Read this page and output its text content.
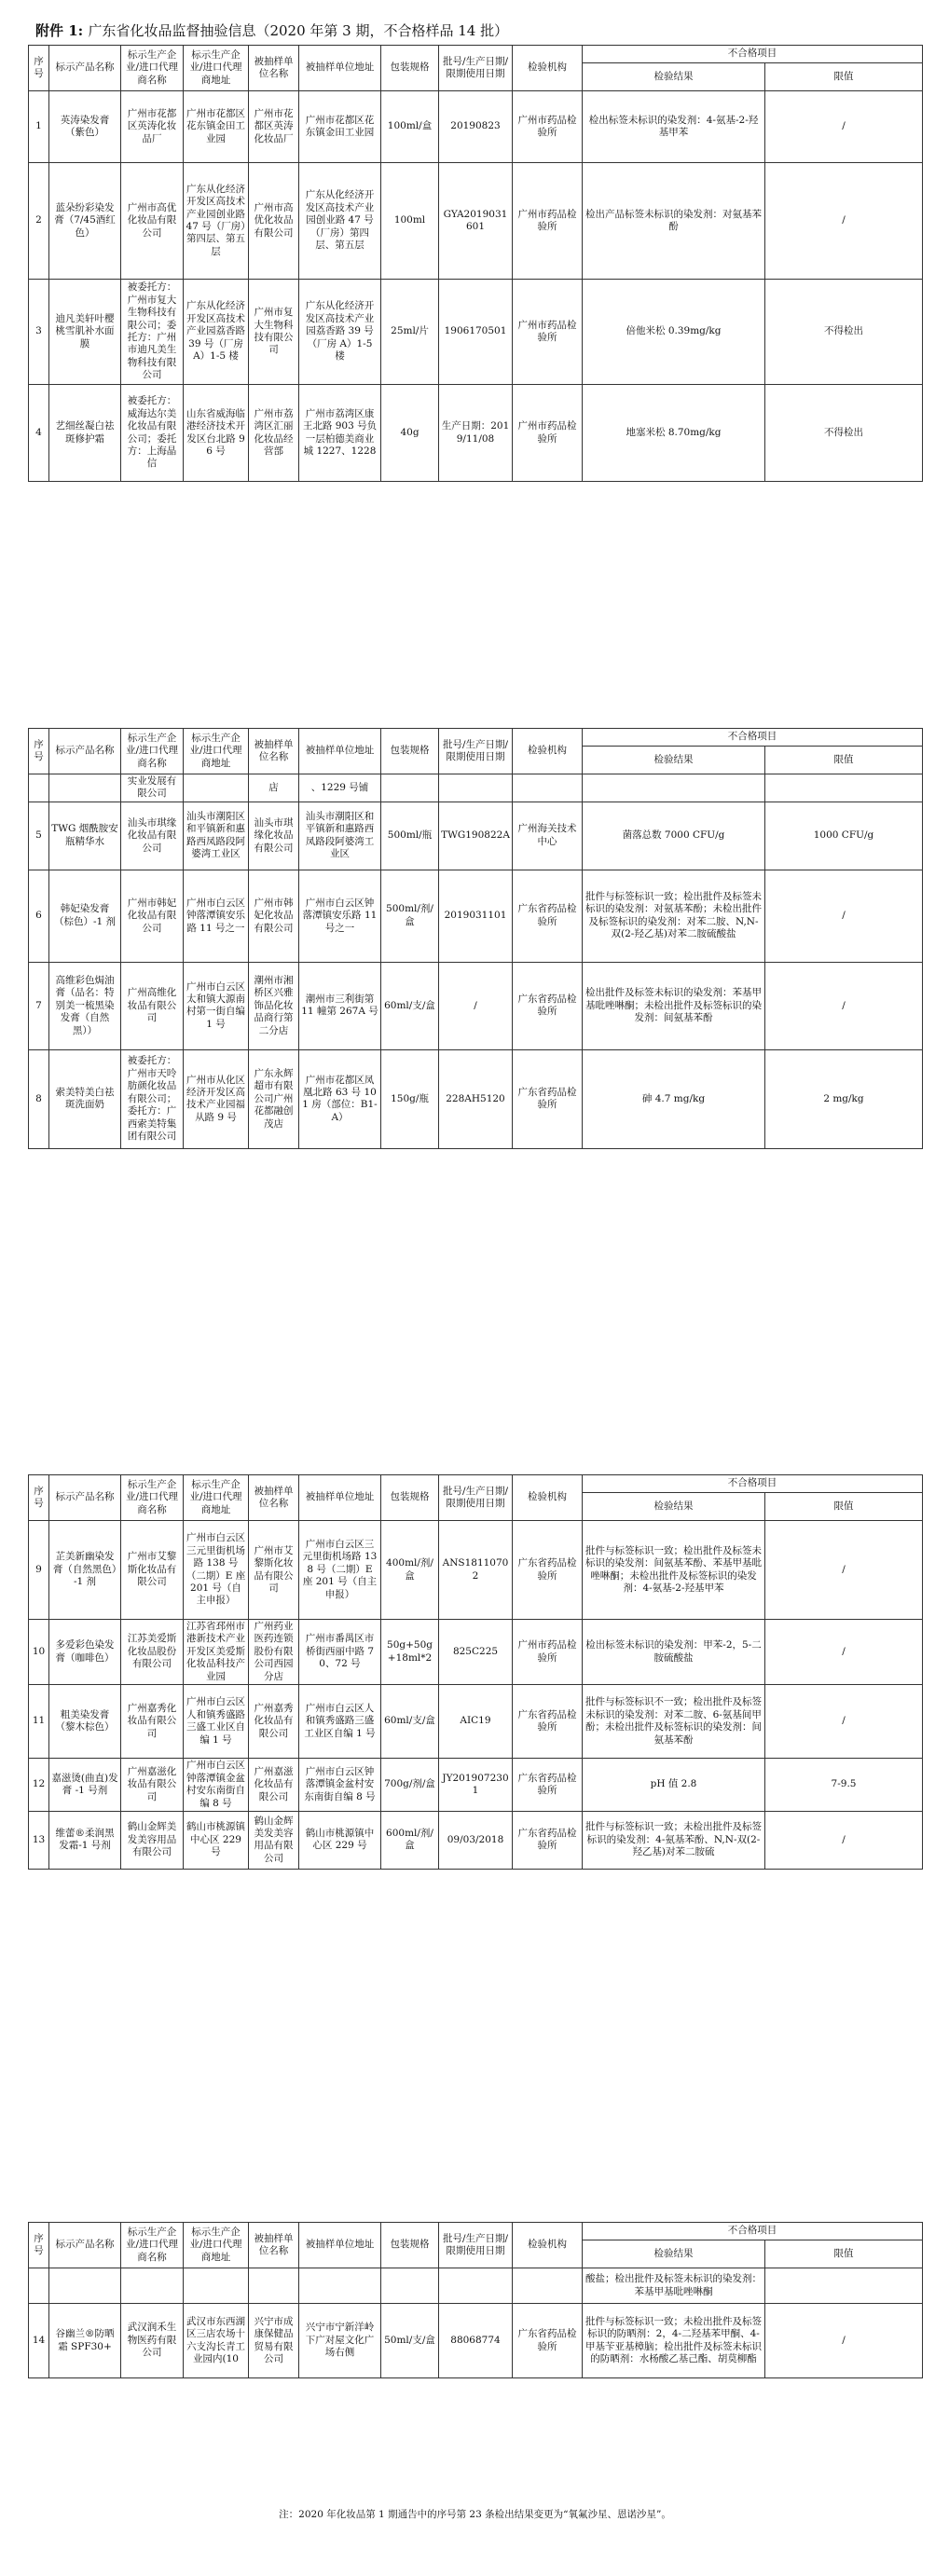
附件 1: 广东省化妆品监督抽验信息（2020 年第 3 期，不合格样品 14 批）
序号	标示产品名称	标示生产企业/进口代理商名称	标示生产企业/进口代理商地址	被抽样单位名称	被抽样单位地址	包装规格	批号/生产日期/限期使用日期	检验机构	不合格项目	
									检验结果	限值
1	英涛染发膏（紫色）	广州市花都区英涛化妆品厂	广州市花都区花东镇金田工业园	广州市花都区英涛化妆品厂	广州市花都区花东镇金田工业园	100ml/盒	20190823	广州市药品检验所	检出标签未标识的染发剂：4-氨基-2-羟基甲苯	/
2	蓝朵纷彩染发膏（7/45酒红色）	广州市高优化妆品有限公司	广东从化经济开发区高技术产业园创业路 47 号（厂房）第四层、第五层	广州市高优化妆品有限公司	广东从化经济开发区高技术产业园创业路 47 号（厂房）第四层、第五层	100ml	GYA2019031601	广州市药品检验所	检出产品标签未标识的染发剂：对氨基苯酚	/
3	迪凡美轩叶樱桃雪肌补水面膜	被委托方：广州市复大生物科技有限公司；委托方：广州市迪凡美生物科技有限公司	广东从化经济开发区高技术产业园荔香路 39 号（厂房 A）1-5 楼	广州市复大生物科技有限公司	广东从化经济开发区高技术产业园荔香路 39 号（厂房 A）1-5 楼	25ml/片	1906170501	广州市药品检验所	倍他米松 0.39mg/kg	不得检出
4	艺细丝凝白祛斑修护霜	被委托方：威海达尔美化妆品有限公司；委托方：上海晶信	山东省威海临港经济技术开发区台北路 96 号	广州市荔湾区汇丽化妆品经营部	广州市荔湾区康王北路 903 号负一层柏德美商业城 1227、1228	40g	生产日期：2019/11/08	广州市药品检验所	地塞米松 8.70mg/kg	不得检出
序号	标示产品名称	标示生产企业/进口代理商名称	标示生产企业/进口代理商地址	被抽样单位名称	被抽样单位地址	包装规格	批号/生产日期/限期使用日期	检验机构	不合格项目	
									检验结果	限值
		实业发展有限公司		店	、1229 号铺					
5	TWG 烟酰胺安瓶精华水	汕头市琪缘化妆品有限公司	汕头市潮阳区和平镇新和惠路西凤路段阿婆湾工业区	汕头市琪缘化妆品有限公司	汕头市潮阳区和平镇新和惠路西凤路段阿婆湾工业区	500ml/瓶	TWG190822A	广州海关技术中心	菌落总数 7000 CFU/g	1000 CFU/g
6	韩妃染发膏（棕色）-1 剂	广州市韩妃化妆品有限公司	广州市白云区钟落潭镇安乐路 11 号之一	广州市韩妃化妆品有限公司	广州市白云区钟落潭镇安乐路 11 号之一	500ml/剂/盒	2019031101	广东省药品检验所	批件与标签标识一致；检出批件及标签未标识的染发剂：对氨基苯酚；未检出批件及标签标识的染发剂：对苯二胺、N,N-双(2-羟乙基)对苯二胺硫酸盐	/
7	高维彩色焗油膏（品名：特别美一梳黑染发膏（自然黑））	广州高维化妆品有限公司	广州市白云区太和镇大源南村第一街自编 1 号	潮州市湘桥区兴雅饰品化妆品商行第二分店	潮州市三利街第 11 幢第 267A 号	60ml/支/盒	/	广东省药品检验所	检出批件及标签未标识的染发剂：苯基甲基吡唑啉酮；未检出批件及标签标识的染发剂：间氨基苯酚	/
8	索美特美白祛斑洗面奶	被委托方：广州市天呤肪颜化妆品有限公司；委托方：广西索美特集团有限公司	广州市从化区经济开发区高技术产业园福从路 9 号	广东永辉超市有限公司广州花都融创茂店	广州市花都区凤凰北路 63 号 101 房（部位：B1-A）	150g/瓶	228AH5120	广东省药品检验所	砷 4.7 mg/kg	2 mg/kg
序号	标示产品名称	标示生产企业/进口代理商名称	标示生产企业/进口代理商地址	被抽样单位名称	被抽样单位地址	包装规格	批号/生产日期/限期使用日期	检验机构	不合格项目	
									检验结果	限值
9	芷美新幽染发膏（自然黑色）-1 剂	广州市艾黎斯化妆品有限公司	广州市白云区三元里街机场路 138 号（二期）E 座 201 号（自主申报）	广州市艾黎斯化妆品有限公司	广州市白云区三元里街机场路 138 号（二期）E 座 201 号（自主申报）	400ml/剂/盒	ANS18110702	广东省药品检验所	批件与标签标识一致；检出批件及标签未标识的染发剂：间氨基苯酚、苯基甲基吡唑啉酮；未检出批件及标签标识的染发剂：4-氨基-2-羟基甲苯	/
10	多爱彩色染发膏（咖啡色）	江苏美爱斯化妆品股份有限公司	江苏省邳州市港新技术产业开发区美爱斯化妆品科技产业园	广州药业医药连锁股份有限公司西园分店	广州市番禺区市桥街西丽中路 70、72 号	50g+50g+18ml*2	825C225	广州市药品检验所	检出标签未标识的染发剂：甲苯-2，5-二胺硫酸盐	/
11	粗美染发膏（黎木棕色）	广州嘉秀化妆品有限公司	广州市白云区人和镇秀盛路三盛工业区自编 1 号	广州嘉秀化妆品有限公司	广州市白云区人和镇秀盛路三盛工业区自编 1 号	60ml/支/盒	AIC19	广东省药品检验所	批件与标签标识不一致；检出批件及标签未标识的染发剂：对苯二胺、6-氨基间甲酚；未检出批件及标签标识的染发剂：间氨基苯酚	/
12	嘉滋烫(曲直)发膏 -1 号剂	广州嘉滋化妆品有限公司	广州市白云区钟落潭镇金盆村安东南街自编 8 号	广州嘉滋化妆品有限公司	广州市白云区钟落潭镇金盆村安东南街自编 8 号	700g/剂/盒	JY2019072301	广东省药品检验所	pH 值 2.8	7-9.5
13	维蕾®柔润黑发霜-1 号剂	鹤山金辉美发美容用品有限公司	鹤山市桃源镇中心区 229 号	鹤山金辉美发美容用品有限公司	鹤山市桃源镇中心区 229 号	600ml/剂/盒	09/03/2018	广东省药品检验所	批件与标签标识一致；未检出批件及标签标识的染发剂：4-氨基苯酚、N,N-双(2-羟乙基)对苯二胺硫	/
序号	标示产品名称	标示生产企业/进口代理商名称	标示生产企业/进口代理商地址	被抽样单位名称	被抽样单位地址	包装规格	批号/生产日期/限期使用日期	检验机构	不合格项目	
									检验结果	限值
									酸盐；检出批件及标签未标识的染发剂：苯基甲基吡唑啉酮	
14	谷幽兰®防晒霜 SPF30+	武汉润禾生物医药有限公司	武汉市东西湖区三店农场十六支沟长青工业园内(10	兴宁市成康保健品贸易有限公司	兴宁市宁新洋岭下广对屋文化广场右侧	50ml/支/盒	88068774	广东省药品检验所	批件与标签标识一致；未检出批件及标签标识的防晒剂：2，4-二羟基苯甲酮、4-甲基苄亚基樟脑；检出批件及标签未标识的防晒剂：水杨酸乙基己酯、胡莫柳酯	/
注：2020 年化妆品第 1 期通告中的序号第 23 条检出结果变更为“氧氟沙星、恩诺沙星”。
